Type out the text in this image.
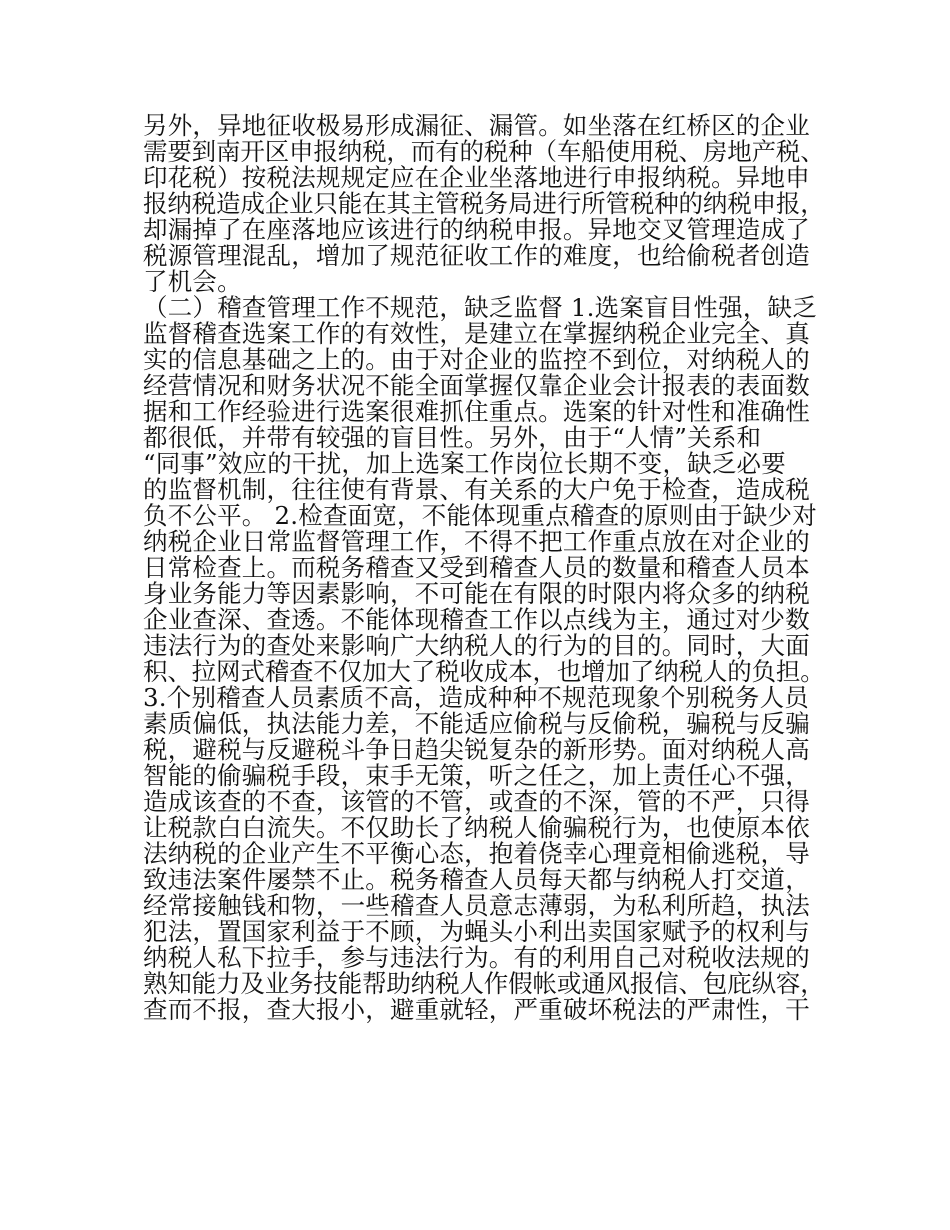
另外，异地征收极易形成漏征、漏管。如坐落在红桥区的企业
需要到南开区申报纳税，而有的税种（车船使用税、房地产税、
印花税）按税法规规定应在企业坐落地进行申报纳税。异地申
报纳税造成企业只能在其主管税务局进行所管税种的纳税申报，
却漏掉了在座落地应该进行的纳税申报。异地交叉管理造成了
税源管理混乱，增加了规范征收工作的难度，也给偷税者创造
了机会。
（二）稽查管理工作不规范，缺乏监督 1.选案盲目性强，缺乏
监督稽查选案工作的有效性，是建立在掌握纳税企业完全、真
实的信息基础之上的。由于对企业的监控不到位，对纳税人的
经营情况和财务状况不能全面掌握仅靠企业会计报表的表面数
据和工作经验进行选案很难抓住重点。选案的针对性和准确性
都很低，并带有较强的盲目性。另外，由于“人情”关系和
“同事”效应的干扰，加上选案工作岗位长期不变，缺乏必要
的监督机制，往往使有背景、有关系的大户免于检查，造成税
负不公平。 2.检查面宽，不能体现重点稽查的原则由于缺少对
纳税企业日常监督管理工作，不得不把工作重点放在对企业的
日常检查上。而税务稽查又受到稽查人员的数量和稽查人员本
身业务能力等因素影响，不可能在有限的时限内将众多的纳税
企业查深、查透。不能体现稽查工作以点线为主，通过对少数
违法行为的查处来影响广大纳税人的行为的目的。同时，大面
积、拉网式稽查不仅加大了税收成本，也增加了纳税人的负担。
3.个别稽查人员素质不高，造成种种不规范现象个别税务人员
素质偏低，执法能力差，不能适应偷税与反偷税，骗税与反骗
税，避税与反避税斗争日趋尖锐复杂的新形势。面对纳税人高
智能的偷骗税手段，束手无策，听之任之，加上责任心不强，
造成该查的不查，该管的不管，或查的不深，管的不严，只得
让税款白白流失。不仅助长了纳税人偷骗税行为，也使原本依
法纳税的企业产生不平衡心态，抱着侥幸心理竟相偷逃税，导
致违法案件屡禁不止。税务稽查人员每天都与纳税人打交道，
经常接触钱和物，一些稽查人员意志薄弱，为私利所趋，执法
犯法，置国家利益于不顾，为蝇头小利出卖国家赋予的权利与
纳税人私下拉手，参与违法行为。有的利用自己对税收法规的
熟知能力及业务技能帮助纳税人作假帐或通风报信、包庇纵容，
查而不报，查大报小，避重就轻，严重破坏税法的严肃性，干
